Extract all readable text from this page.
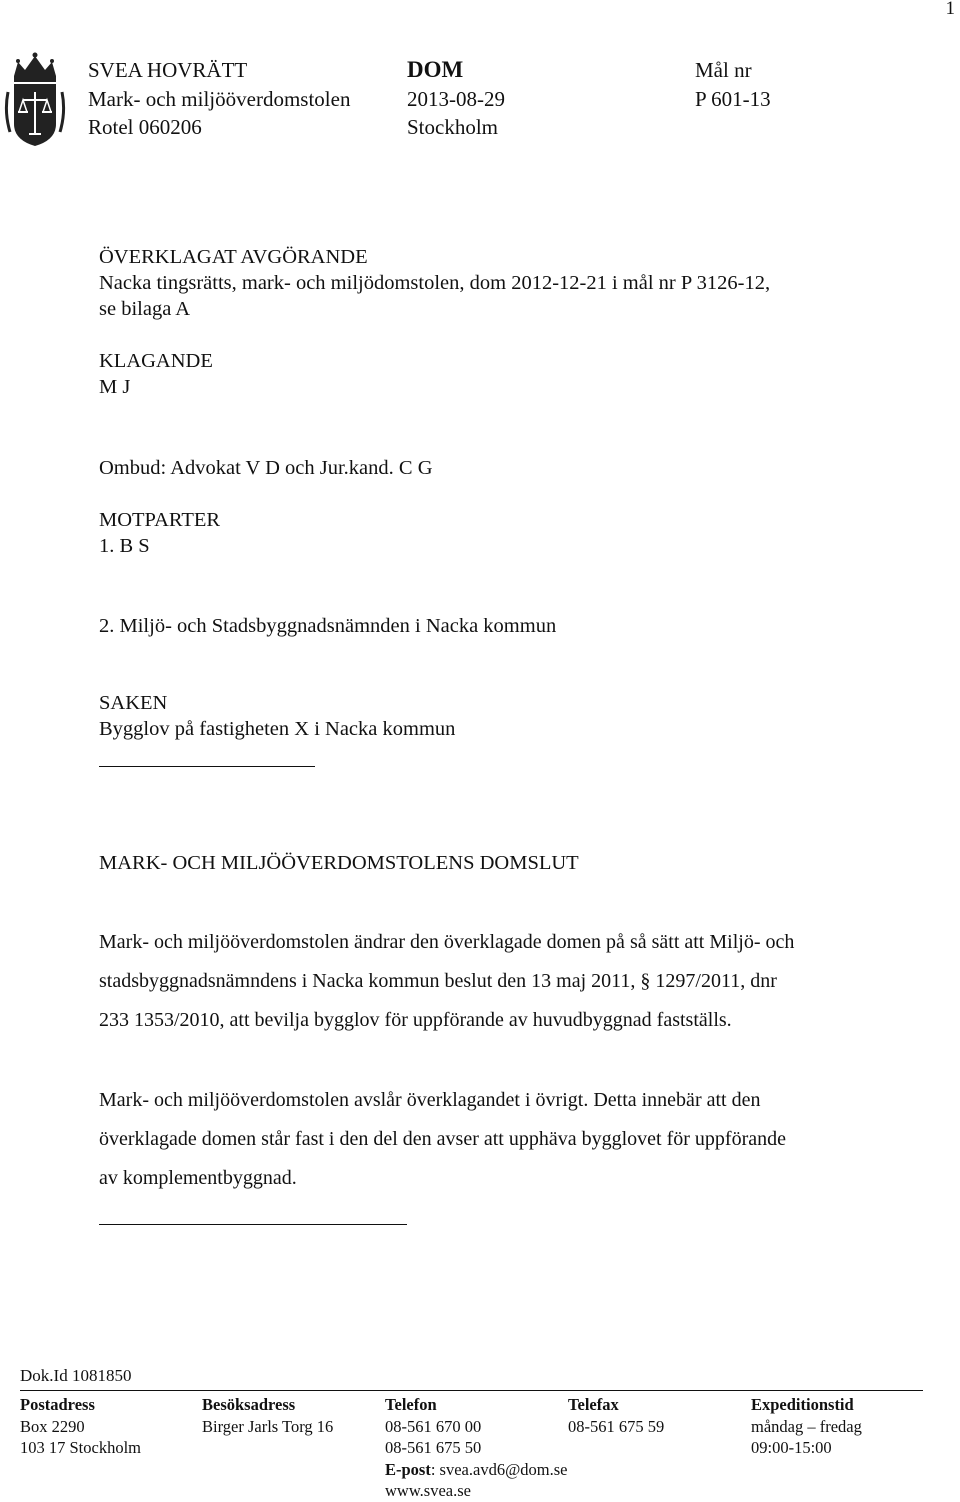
1
SVEA HOVRÄTT
Mark- och miljööverdomstolen
Rotel 060206
DOM
2013-08-29
Stockholm
Mål nr
P 601-13
ÖVERKLAGAT AVGÖRANDE
Nacka tingsrätts, mark- och miljödomstolen, dom 2012-12-21 i mål nr P 3126-12,
se bilaga A
KLAGANDE
M J
Ombud: Advokat V D och Jur.kand. C G
MOTPARTER
1. B S
2. Miljö- och Stadsbyggnadsnämnden i Nacka kommun
SAKEN
Bygglov på fastigheten X i Nacka kommun
MARK- OCH MILJÖÖVERDOMSTOLENS DOMSLUT
Mark- och miljööverdomstolen ändrar den överklagade domen på så sätt att Miljö- och
stadsbyggnadsnämndens i Nacka kommun beslut den 13 maj 2011, § 1297/2011, dnr
233 1353/2010, att bevilja bygglov för uppförande av huvudbyggnad fastställs.
Mark- och miljööverdomstolen avslår överklagandet i övrigt. Detta innebär att den
överklagade domen står fast i den del den avser att upphäva bygglovet för uppförande
av komplementbyggnad.
Dok.Id 1081850
Postadress
Box 2290
103 17 Stockholm
Besöksadress
Birger Jarls Torg 16
Telefon
08-561 670 00
08-561 675 50
E-post: svea.avd6@dom.se
www.svea.se
Telefax
08-561 675 59
Expeditionstid
måndag – fredag
09:00-15:00
